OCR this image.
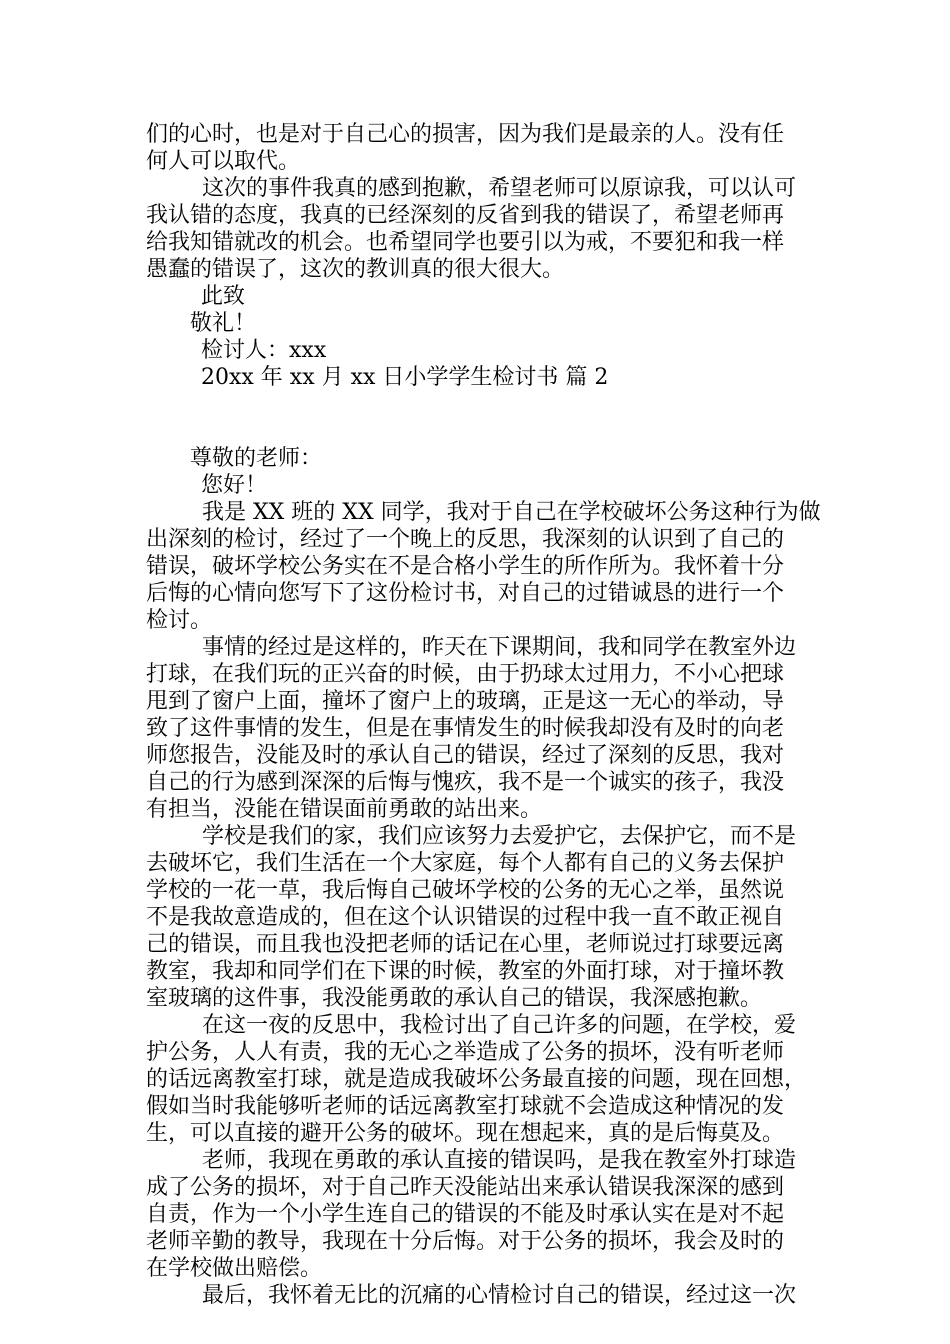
们的心时，也是对于自己心的损害，因为我们是最亲的人。没有任
何人可以取代。
这次的事件我真的感到抱歉，希望老师可以原谅我，可以认可
我认错的态度，我真的已经深刻的反省到我的错误了，希望老师再
给我知错就改的机会。也希望同学也要引以为戒，不要犯和我一样
愚蠢的错误了，这次的教训真的很大很大。
此致
敬礼！
检讨人：xxx
20xx 年 xx 月 xx 日小学学生检讨书 篇 2
尊敬的老师：
您好！
我是 XX 班的 XX 同学，我对于自己在学校破坏公务这种行为做
出深刻的检讨，经过了一个晚上的反思，我深刻的认识到了自己的
错误，破坏学校公务实在不是合格小学生的所作所为。我怀着十分
后悔的心情向您写下了这份检讨书，对自己的过错诚恳的进行一个
检讨。
事情的经过是这样的，昨天在下课期间，我和同学在教室外边
打球，在我们玩的正兴奋的时候，由于扔球太过用力，不小心把球
甩到了窗户上面，撞坏了窗户上的玻璃，正是这一无心的举动，导
致了这件事情的发生，但是在事情发生的时候我却没有及时的向老
师您报告，没能及时的承认自己的错误，经过了深刻的反思，我对
自己的行为感到深深的后悔与愧疚，我不是一个诚实的孩子，我没
有担当，没能在错误面前勇敢的站出来。
学校是我们的家，我们应该努力去爱护它，去保护它，而不是
去破坏它，我们生活在一个大家庭，每个人都有自己的义务去保护
学校的一花一草，我后悔自己破坏学校的公务的无心之举，虽然说
不是我故意造成的，但在这个认识错误的过程中我一直不敢正视自
己的错误，而且我也没把老师的话记在心里，老师说过打球要远离
教室，我却和同学们在下课的时候，教室的外面打球，对于撞坏教
室玻璃的这件事，我没能勇敢的承认自己的错误，我深感抱歉。
在这一夜的反思中，我检讨出了自己许多的问题，在学校，爱
护公务，人人有责，我的无心之举造成了公务的损坏，没有听老师
的话远离教室打球，就是造成我破坏公务最直接的问题，现在回想，
假如当时我能够听老师的话远离教室打球就不会造成这种情况的发
生，可以直接的避开公务的破坏。现在想起来，真的是后悔莫及。
老师，我现在勇敢的承认直接的错误吗，是我在教室外打球造
成了公务的损坏，对于自己昨天没能站出来承认错误我深深的感到
自责，作为一个小学生连自己的错误的不能及时承认实在是对不起
老师辛勤的教导，我现在十分后悔。对于公务的损坏，我会及时的
在学校做出赔偿。
最后，我怀着无比的沉痛的心情检讨自己的错误，经过这一次
